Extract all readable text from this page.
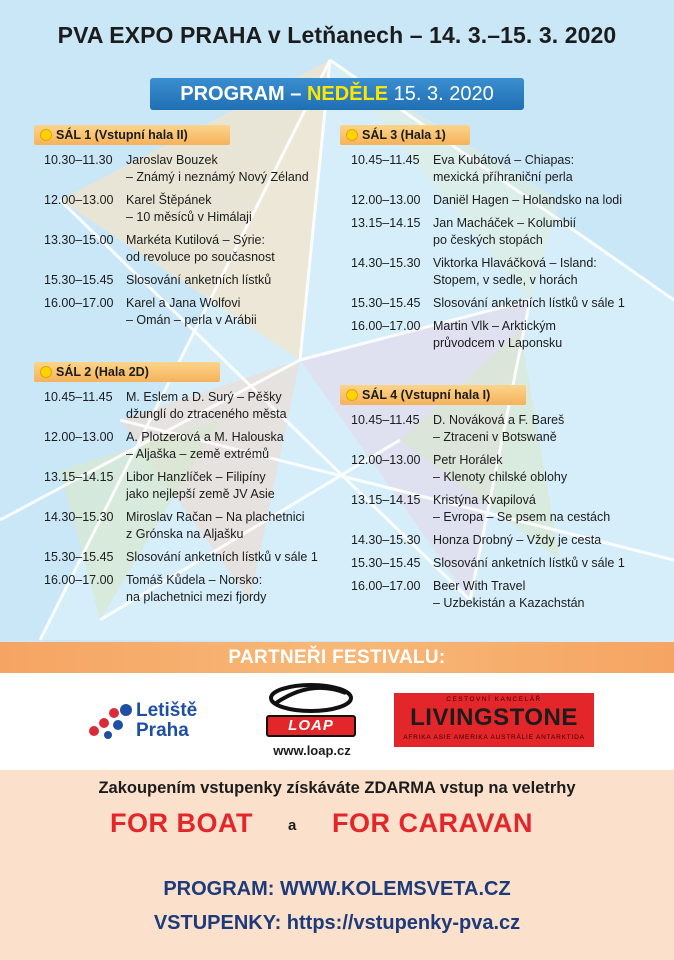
PVA EXPO PRAHA v Letňanech – 14. 3.–15. 3. 2020
PROGRAM – NEDĚLE 15. 3. 2020
SÁL 1 (Vstupní hala II)
10.30–11.30	Jaroslav Bouzek
– Známý i neznámý Nový Zéland
12.00–13.00 Karel Štěpánek
– 10 měsíců v Himálaji
13.30–15.00 Markéta Kutilová – Sýrie:
od revoluce po současnost
15.30–15.45 Slosování anketních lístků
16.00–17.00 Karel a Jana Wolfovi
– Omán – perla v Arábii
SÁL 2 (Hala 2D)
10.45–11.45	M. Eslem a D. Surý – Pěšky
džunglí do ztraceného města
12.00–13.00 A. Plotzerová a M. Halouska
– Aljaška – země extrémů
13.15–14.15 Libor Hanzlíček – Filipíny
jako nejlepší země JV Asie
14.30–15.30 Miroslav Račan – Na plachetnici
z Grónska na Aljašku
15.30–15.45 Slosování anketních lístků v sále 1
16.00–17.00 Tomáš Kůdela – Norsko:
na plachetnici mezi fjordy
SÁL 3 (Hala 1)
10.45–11.45	Eva Kubátová – Chiapas:
mexická příhraniční perla
12.00–13.00 Daniël Hagen – Holandsko na lodi
13.15–14.15 Jan Macháček – Kolumbií
po českých stopách
14.30–15.30 Viktorka Hlaváčková – Island:
Stopem, v sedle, v horách
15.30–15.45 Slosování anketních lístků v sále 1
16.00–17.00 Martin Vlk – Arktickým
průvodcem v Laponsku
SÁL 4 (Vstupní hala I)
10.45–11.45	D. Nováková a F. Bareš
– Ztraceni v Botswaně
12.00–13.00 Petr Horálek
– Klenoty chilské oblohy
13.15–14.15 Kristýna Kvapilová
– Evropa – Se psem na cestách
14.30–15.30 Honza Drobný – Vždy je cesta
15.30–15.45 Slosování anketních lístků v sále 1
16.00–17.00 Beer With Travel
– Uzbekistán a Kazachstán
PARTNEŘI FESTIVALU:
Letiště
Praha	LOAP
www.loap.cz
CESTOVNÍ KANCELÁŘ
LIVINGSTONE
AFRIKA ASIE AMERIKA AUSTRÁLIE ANTARKTIDA
Zakoupením vstupenky získáváte ZDARMA vstup na veletrhy
FOR BOAT a FOR CARAVAN
PROGRAM: WWW.KOLEMSVETA.CZ
VSTUPENKY: https://vstupenky-pva.cz
